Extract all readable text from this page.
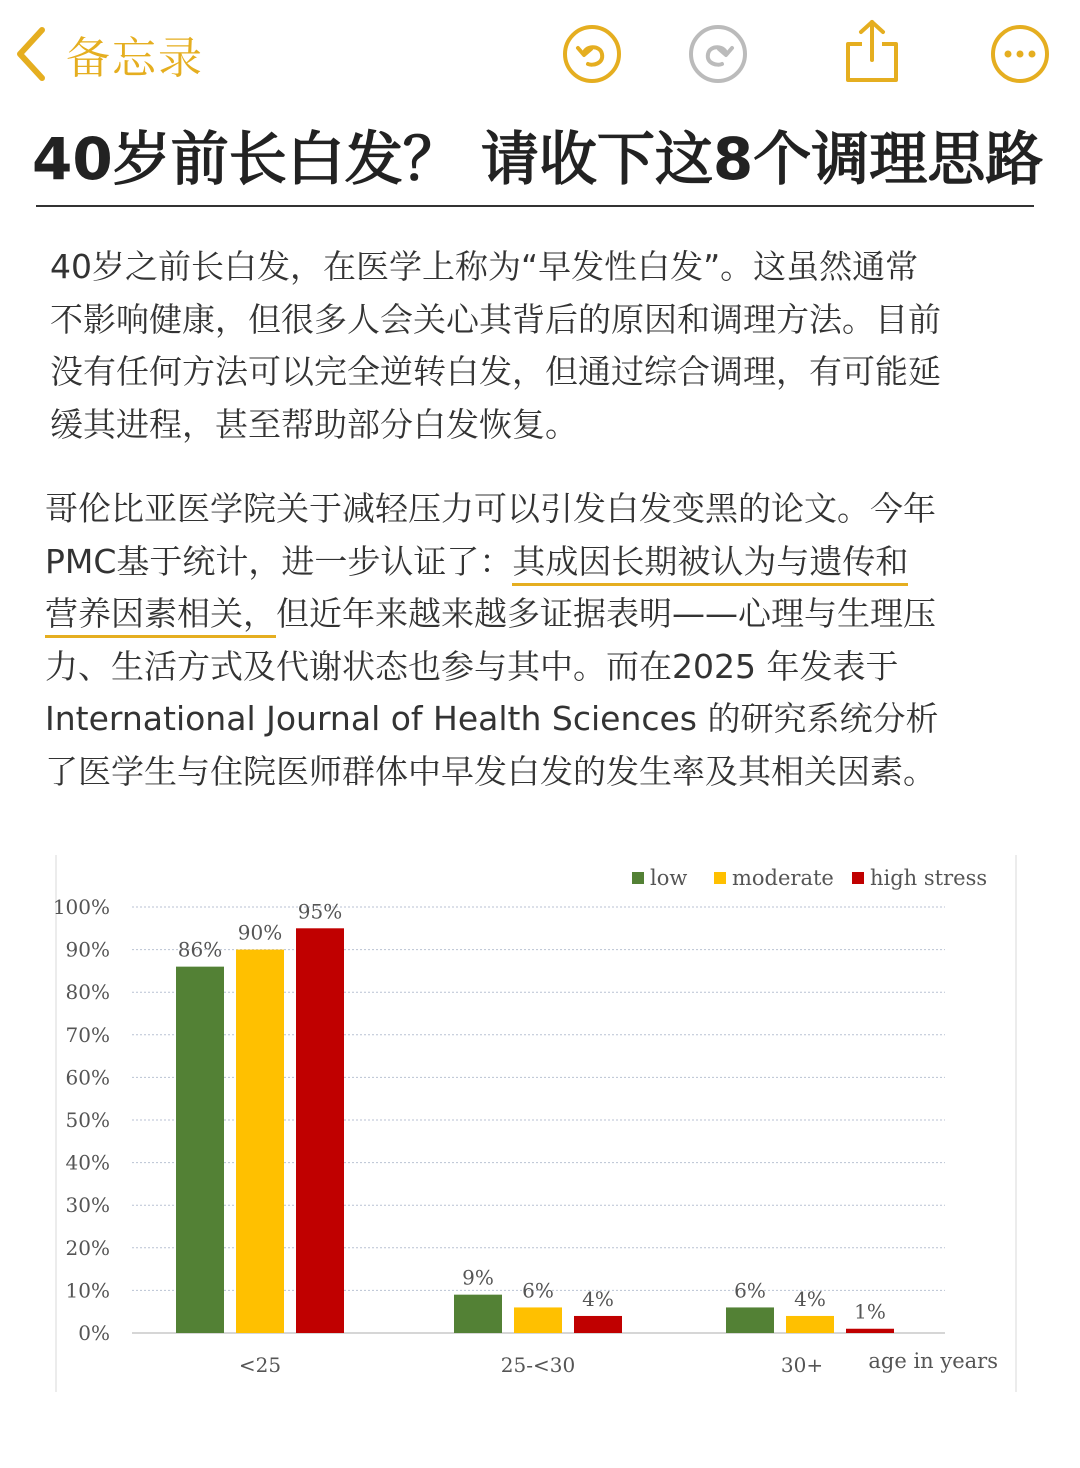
备忘录
40岁前长白发？ 请收下这8个调理思路
40岁之前长白发，在医学上称为“早发性白发”。这虽然通常
不影响健康，但很多人会关心其背后的原因和调理方法。目前
没有任何方法可以完全逆转白发，但通过综合调理，有可能延
缓其进程，甚至帮助部分白发恢复。
哥伦比亚医学院关于减轻压力可以引发白发变黑的论文。今年
PMC基于统计，进一步认证了：其成因长期被认为与遗传和
营养因素相关，但近年来越来越多证据表明——心理与生理压
力、生活方式及代谢状态也参与其中。而在2025 年发表于
International Journal of Health Sciences 的研究系统分析
了医学生与住院医师群体中早发白发的发生率及其相关因素。
0%
10%
20%
30%
40%
50%
60%
70%
80%
90%
100%
86%
9%
6%
90%
6%	4%
95%
4%
1%
<25	25-<30	30+ age in years
low moderate high stress
